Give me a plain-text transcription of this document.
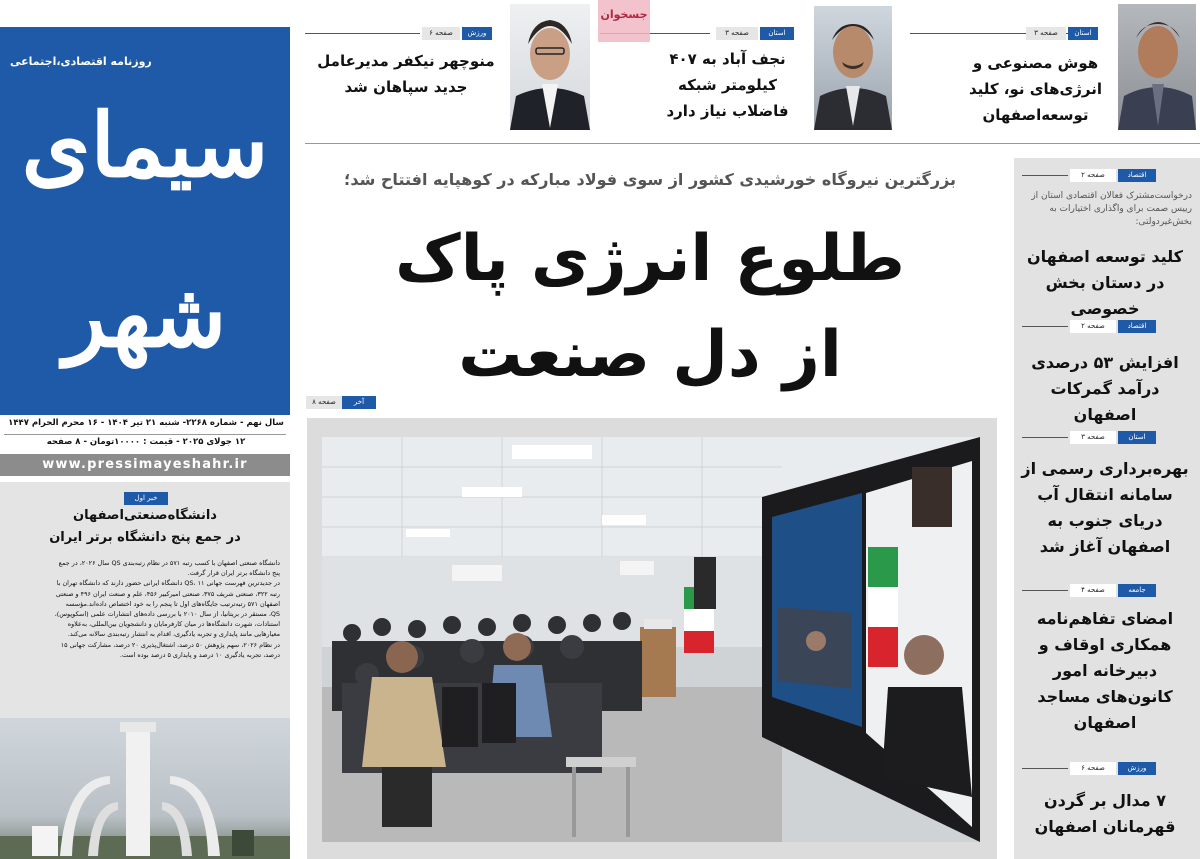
روزنامه اقتصادی،اجتماعی
سیمای شهر
سال نهم - شماره ۲۲۶۸- شنبه ۲۱ تیر ۱۴۰۴ - ۱۶ محرم الحرام ۱۴۴۷
۱۲ جولای ۲۰۲۵ - قیمت : ۱۰۰۰۰تومان - ۸ صفحه
www.pressimayeshahr.ir
خبر اول
دانشگاه‌صنعتی‌اصفهان
در جمع پنج دانشگاه برتر ایران
دانشگاه صنعتی اصفهان با کسب رتبه ۵۷۱ در نظام رتبه‌بندی QS سال ۲۰۲۶، در جمع
پنج دانشگاه برتر ایران قرار گرفت.
در جدیدترین فهرست جهانی QS، ۱۱ دانشگاه ایرانی حضور دارند که دانشگاه تهران با
رتبه ۳۲۲، صنعتی شریف ۳۷۵، صنعتی امیرکبیر ۴۵۶، علم و صنعت ایران ۴۹۶ و صنعتی
اصفهان ۵۷۱ رتبه‌ترتیب جایگاه‌های اول تا پنجم را به خود اختصاص داده‌اند.مؤسسه
QS، مستقر در بریتانیا، از سال ۲۰۱۰ با بررسی داده‌های انتشارات علمی (اسکوپوس)،
استنادات، شهرت دانشگاه‌ها در میان کارفرمایان و دانشجویان بین‌المللی، به‌علاوه
معیارهایی مانند پایداری و تجربه یادگیری، اقدام به انتشار رتبه‌بندی سالانه می‌کند.
در نظام ۲۰۲۶، سهم پژوهش ۵۰ درصد، اشتغال‌پذیری ۲۰ درصد، مشارکت جهانی ۱۵
درصد، تجربه یادگیری ۱۰ درصد و پایداری ۵ درصد بوده است.
استان
صفحه ۳
هوش مصنوعی و انرژی‌های نو، کلید توسعه‌اصفهان
استان
صفحه ۳
نجف آباد به ۴۰۷ کیلومتر شبکه فاضلاب نیاز دارد
ورزش
صفحه ۶
منوچهر نیکفر مدیرعامل جدید سپاهان شد
جسخوان
بزرگترین نیروگاه خورشیدی کشور از سوی فولاد مبارکه در کوهپایه افتتاح شد؛
طلوع انرژی پاک
از دل صنعت
آخر
صفحه ۸
اقتصاد
صفحه ۲
درخواست‌مشترک فعالان اقتصادی استان از رییس صمت برای واگذاری اختیارات به بخش‌غیردولتی:
کلید توسعه اصفهان در دستان بخش خصوصی
اقتصاد
صفحه ۲
افزایش ۵۳ درصدی درآمد گمرکات اصفهان
استان
صفحه ۳
بهره‌برداری رسمی از سامانه انتقال آب دریای جنوب به اصفهان آغاز شد
جامعه
صفحه ۴
امضای تفاهم‌نامه همکاری اوقاف و دبیرخانه امور کانون‌های مساجد اصفهان
ورزش
صفحه ۶
۷ مدال بر گردن قهرمانان اصفهان
